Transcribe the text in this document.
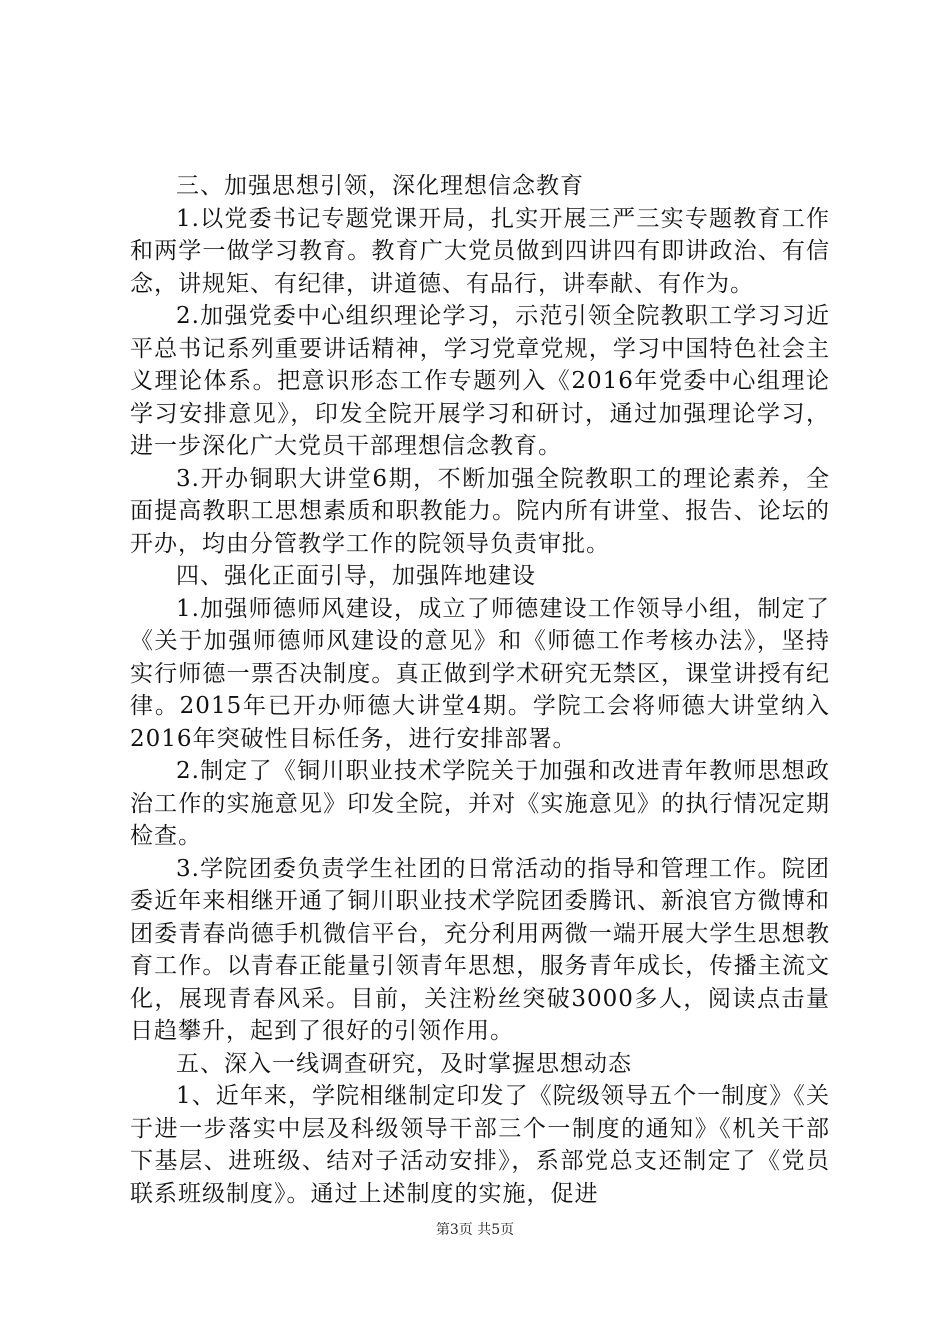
三、加强思想引领，深化理想信念教育

1.以党委书记专题党课开局，扎实开展三严三实专题教育工作和两学一做学习教育。教育广大党员做到四讲四有即讲政治、有信念，讲规矩、有纪律，讲道德、有品行，讲奉献、有作为。

2.加强党委中心组织理论学习，示范引领全院教职工学习习近平总书记系列重要讲话精神，学习党章党规，学习中国特色社会主义理论体系。把意识形态工作专题列入《2016年党委中心组理论学习安排意见》，印发全院开展学习和研讨，通过加强理论学习，进一步深化广大党员干部理想信念教育。

3.开办铜职大讲堂6期，不断加强全院教职工的理论素养，全面提高教职工思想素质和职教能力。院内所有讲堂、报告、论坛的开办，均由分管教学工作的院领导负责审批。

四、强化正面引导，加强阵地建设

1.加强师德师风建设，成立了师德建设工作领导小组，制定了《关于加强师德师风建设的意见》和《师德工作考核办法》，坚持实行师德一票否决制度。真正做到学术研究无禁区，课堂讲授有纪律。2015年已开办师德大讲堂4期。学院工会将师德大讲堂纳入2016年突破性目标任务，进行安排部署。

2.制定了《铜川职业技术学院关于加强和改进青年教师思想政治工作的实施意见》印发全院，并对《实施意见》的执行情况定期检查。

3.学院团委负责学生社团的日常活动的指导和管理工作。院团委近年来相继开通了铜川职业技术学院团委腾讯、新浪官方微博和团委青春尚德手机微信平台，充分利用两微一端开展大学生思想教育工作。以青春正能量引领青年思想，服务青年成长，传播主流文化，展现青春风采。目前，关注粉丝突破3000多人，阅读点击量日趋攀升，起到了很好的引领作用。

五、深入一线调查研究，及时掌握思想动态

1、近年来，学院相继制定印发了《院级领导五个一制度》《关于进一步落实中层及科级领导干部三个一制度的通知》《机关干部下基层、进班级、结对子活动安排》，系部党总支还制定了《党员联系班级制度》。通过上述制度的实施，促进

第3页 共5页
